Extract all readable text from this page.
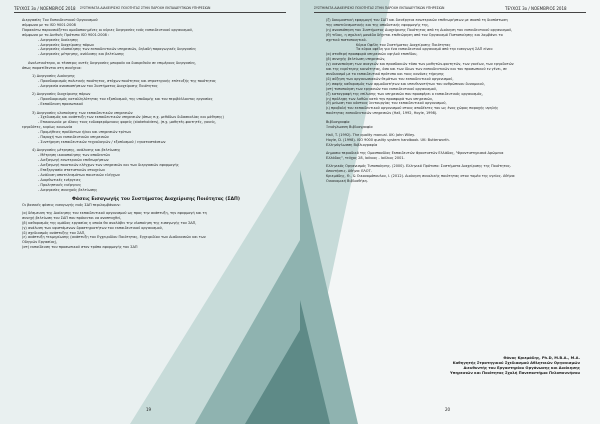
ΤΕΥΧΟΣ 3ο / ΝΟΕΜΒΡΙΟΣ 2018 ΣΥΣΤΗΜΑΤΑ ΔΙΑΧΕΙΡΙΣΗΣ ΠΟΙΟΤΗΤΑΣ ΣΤΗΝ ΠΑΡΟΧΗ ΕΚΠΑΙΔΕΥΤΙΚΩΝ ΥΠΗΡΕΣΙΩΝ
Διεργασίες Του Εκπαιδευτικού Οργανισμού
σύμφωνα με το ISO 9001:2008
Παρακάτω παρουσιάζεται ομαδοποιημένες οι κύριες διεργασίες ενός εκπαιδευτικού οργανισμού,
σύμφωνα με το Διεθνές Πρότυπο ISO 9001:2008 :
- Διεργασίες διοίκησης
- Διεργασίες διαχείρισης πόρων
- Διεργασίες υλοποίησης των εκπαιδευτικών υπηρεσιών, δηλαδή παραγωγικές διεργασίες
- Διεργασίες μέτρησης, ανάλυσης και βελτίωσης
Αναλυτικότερα, οι τέσσερις αυτές διεργασίες μπορούν να διακριθούν σε επιμέρους διεργασίες,
όπως παρατίθενται στη συνέχεια:
1) Διεργασίες Διοίκησης
- Προσδιορισμός πολιτικής ποιότητας, στόχων ποιότητας και στρατηγικής επίτευξής της ποιότητας
- Διεργασία ανασκοπήσεων του Συστήματος Διαχείρισης Ποιότητας
2) Διεργασίες διαχείρισης πόρων
- Προσδιορισμός καταλληλότητας του εξοπλισμού, της υποδομής και του περιβάλλοντος εργασίας
- Εκπαίδευση προσωπικού
3) Διεργασίες υλοποίησης των εκπαιδευτικών υπηρεσιών
- Σχεδιασμός και ανάπτυξη των εκπαιδευτικών υπηρεσιών (όπως π.χ. μεθόδων διδασκαλίας και μάθησης)
- Επικοινωνία με όλους τους ενδιαφερόμενους φορείς (stakeholders), (π.χ. μαθητές-φοιτητές, γονείς,
εργοδότες, κυρίως κοινωνία
- Προμήθειες προϊόντων ή/και και υπηρεσιών τρίτων
- Παροχή των εκπαιδευτικών υπηρεσιών
- Συντήρηση εκπαιδευτικών τεχνολογιών / εξοπλισμού / εγκαταστάσεων
4) Διεργασίες μέτρησης, ανάλυσης και βελτίωσης
- Μέτρηση ικανοποίησης των αποδεκτών
- Διεξαγωγή εσωτερικών επιθεωρήσεων
- Διεξαγωγή ποιοτικών ελέγχων των υπηρεσιών και των διεργασιών εφαρμογής
- Επεξεργασία στατιστικών στοιχείων
- Ανάλυση αποτελεσμάτων ποιοτικών ελέγχων
- Διορθωτικές ενέργειες
- Προληπτικές ενέργειες
- Διεργασίες συνεχούς βελτίωσης
Φάσεις Εισαγωγής του Συστήματος Διαχείρισης Ποιότητας (ΣΔΠ)
Οι βασικές φάσεις εισαγωγής ενός ΣΔΠ περιλαμβάνουν:
(α) δέσμευση της Διοίκησης του εκπαιδευτικού οργανισμού ως προς την ανάπτυξη, την εφαρμογή και τη
συνεχή βελτίωση του ΣΔΠ που πρόκειται να αναπτυχθεί,
(β) καθορισμός της ομάδας εργασίας η οποία θα αναλάβει την υλοποίηση της εισαγωγής του ΣΔΠ,
(γ) ανάλυση των υφιστάμενων δραστηριοτήτων του εκπαιδευτικού οργανισμού,
(δ) σχεδιασμός ανάπτυξης του ΣΔΠ,
(ε) ανάπτυξη τεκμηρίωσης (ανάπτυξη του Εγχειριδίου Ποιότητας, Εγχειριδίου των Διαδικασιών και των
Οδηγιών Εργασίας),
(στ) εκπαίδευση του προσωπικού στον τρόπο εφαρμογής του ΣΔΠ
19
ΣΥΣΤΗΜΑΤΑ ΔΙΑΧΕΙΡΙΣΗΣ ΠΟΙΟΤΗΤΑΣ ΣΤΗΝ ΠΑΡΟΧΗ ΕΚΠΑΙΔΕΥΤΙΚΩΝ ΥΠΗΡΕΣΙΩΝ	ΤΕΥΧΟΣ 3ο / ΝΟΕΜΒΡΙΟΣ 2018
(ζ) δοκιμαστική εφαρμογή του ΣΔΠ και διενέργεια εσωτερικών επιθεωρήσεων με σκοπό τη διαπίστωση
της αποτελεσματικής και της αποδοτικής εφαρμογής της,
(η) ανασκόπηση του Συστήματος Διαχείρισης Ποιότητας από τη Διοίκηση του εκπαιδευτικού οργανισμού,
(θ) τέλος, η σχολική μονάδα δέχεται επιθεώρηση από τον Οργανισμό Πιστοποίησης και λαμβάνει το
σχετικό πιστοποιητικό.
Κύρια Οφέλη του Συστήματος Διαχείρισης Ποιότητας
Τα κύρια οφέλη για ένα εκπαιδευτικό οργανισμό από την εισαγωγή ΣΔΠ είναι:
(α) σταθερή προσφορά υπηρεσιών υψηλού επιπέδου,
(β) συνεχής βελτίωση υπηρεσιών,
(γ) ικανοποίηση των αναγκών και προσδοκιών τόσο των μαθητών-φοιτητών, των γονέων, των εργοδοτών
και της ευρύτερης κοινότητας, όσο και των ίδιων των εκπαιδευτικών και του προσωπικού εν γένει, σε
συνδυασμό με το εκπαιδευτικό πρότυπο και τους κανόνες τήρησης
(δ) αύξηση των οργανωσιακών θεμάτων του εκπαιδευτικού οργανισμού,
(ε) σαφής καθορισμός των αρμοδιοτήτων και υπευθυνοτήτων του ανθρώπινου δυναμικού,
(στ) τυποποίηση των εργασιών του εκπαιδευτικού οργανισμού,
(ζ) καταγραφή της επίλυσης των υπηρεσιών που προσφέρει ο εκπαιδευτικός οργανισμός,
(η) πρόληψη των λαθών κατά την προσφορά των υπηρεσιών,
(θ) μείωση του κόστους λειτουργίας του εκπαιδευτικού οργανισμού,
(ι) προβολή του εκπαιδευτικού οργανισμού στους αποδέκτες του ως ένας χώρος παροχής υψηλής
ποιότητας εκπαιδευτικών υπηρεσιών (Hall, 1992, Hoyle, 1998).
Βιβλιογραφία
Ξενόγλωσση Βιβλιογραφία
Hall, T. (1992). The quality manual. UK: John Wiley.
Hoyle, D. (1998). ISO 9000 quality system handbook. UK: Butterworth.
Ελληνόγλωσση Βιβλιογραφία
Δημοσιο περιοδικό της Ομοσπονδίας Εκπαιδευτών Φροντιστών Ελλάδας, "Φροντιστηριακά Δρώμενα
Ελλάδος", τεύχος 28, Ιούνιος - Ιούλιος 2001.
Ελληνικός Οργανισμός Τυποποίησης. (2000). Ελληνικό Πρότυπο: Συστήματα Διαχείρισης της Ποιότητας-
Απαιτήσεις. Αθήνα: ΕΛΟΤ.
Κριεμάδης, Θ., & Οικονομόπουλου, Ι. (2012). Διοίκηση συνολικής ποιότητας στον τομέα της υγείας. Αθήνα:
Οικονομική Βιβλιοθήκη.
Θάνος Κριεμάδης, Ph.D, M.B.A., M.A.
Καθηγητής Στρατηγικού Σχεδιασμού Αθλητικών Οργανισμών
Διευθυντής του Εργαστηρίου Οργάνωσης και Διοίκησης
Υπηρεσιών και Ποιότητας Σχολή Πανεπιστήμιο Πελοποννήσου
20
